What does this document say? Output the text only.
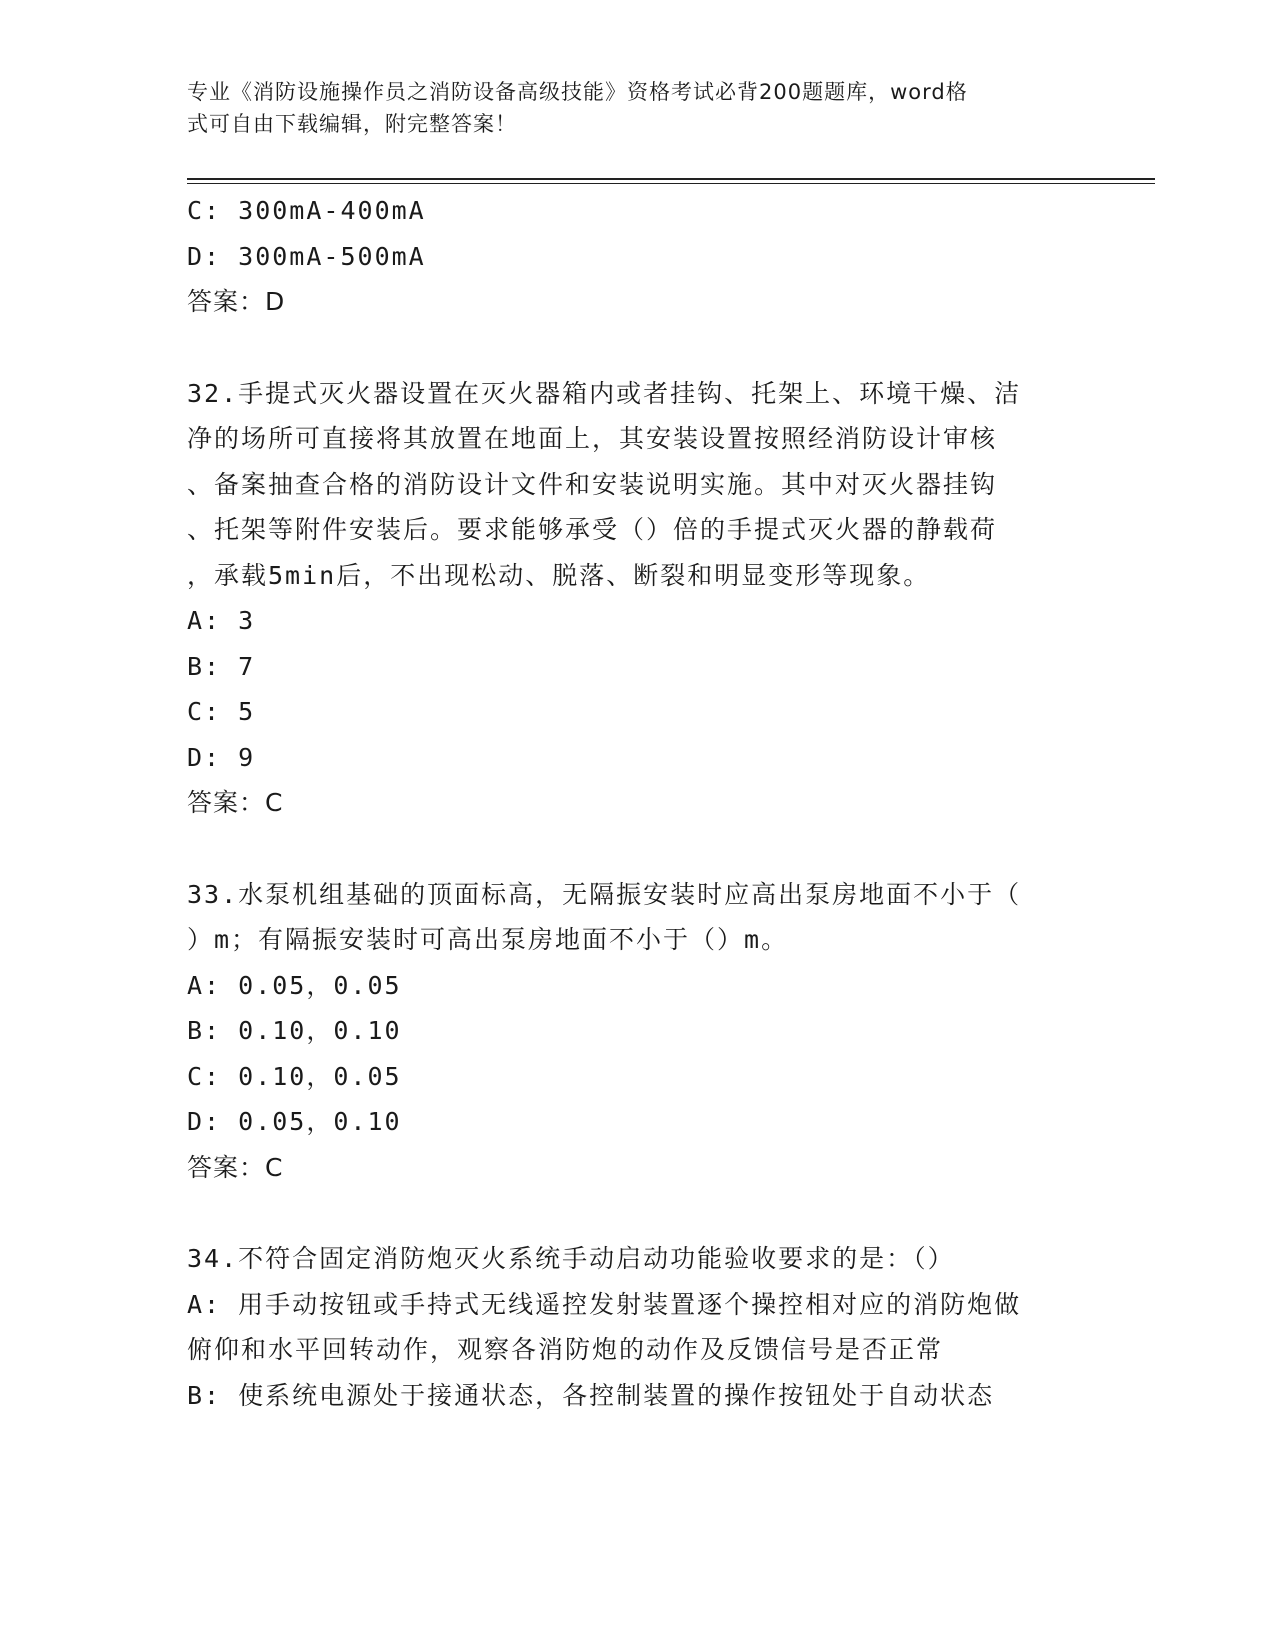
专业《消防设施操作员之消防设备高级技能》资格考试必背200题题库，word格
式可自由下载编辑，附完整答案！
C: 300mA-400mA
D: 300mA-500mA
答案：D
32.手提式灭火器设置在灭火器箱内或者挂钩、托架上、环境干燥、洁
净的场所可直接将其放置在地面上，其安装设置按照经消防设计审核
、备案抽查合格的消防设计文件和安装说明实施。其中对灭火器挂钩
、托架等附件安装后。要求能够承受（）倍的手提式灭火器的静载荷
，承载5min后，不出现松动、脱落、断裂和明显变形等现象。
A: 3
B: 7
C: 5
D: 9
答案：C
33.水泵机组基础的顶面标高，无隔振安装时应高出泵房地面不小于（
）m；有隔振安装时可高出泵房地面不小于（）m。
A: 0.05，0.05
B: 0.10，0.10
C: 0.10，0.05
D: 0.05，0.10
答案：C
34.不符合固定消防炮灭火系统手动启动功能验收要求的是：（）
A: 用手动按钮或手持式无线遥控发射装置逐个操控相对应的消防炮做
俯仰和水平回转动作，观察各消防炮的动作及反馈信号是否正常
B: 使系统电源处于接通状态，各控制装置的操作按钮处于自动状态
